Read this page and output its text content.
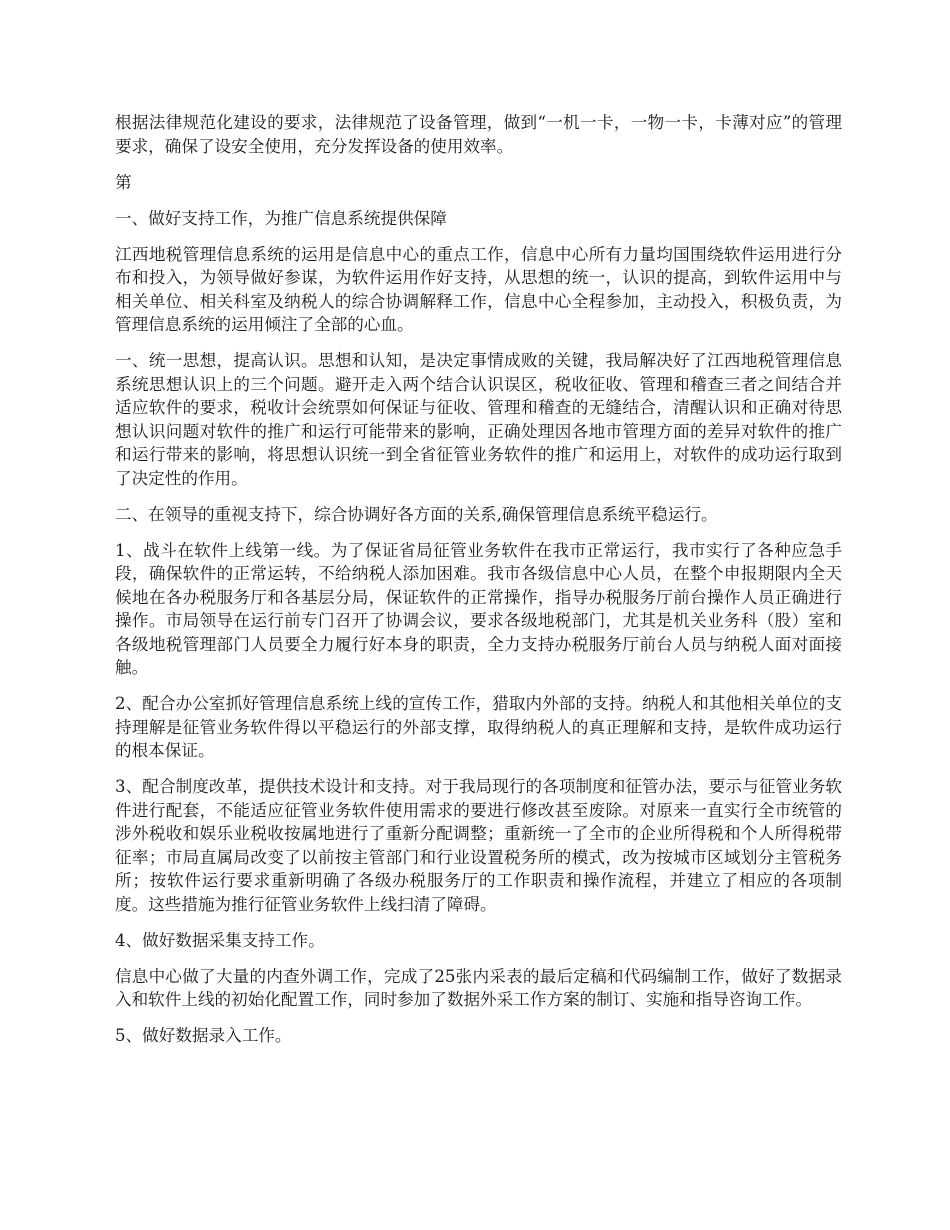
根据法律规范化建设的要求，法律规范了设备管理，做到“一机一卡，一物一卡，卡薄对应”的管理要求，确保了设安全使用，充分发挥设备的使用效率。

第

一、做好支持工作，为推广信息系统提供保障

江西地税管理信息系统的运用是信息中心的重点工作，信息中心所有力量均国围绕软件运用进行分布和投入，为领导做好参谋，为软件运用作好支持，从思想的统一，认识的提高，到软件运用中与相关单位、相关科室及纳税人的综合协调解释工作，信息中心全程参加，主动投入，积极负责，为管理信息系统的运用倾注了全部的心血。

一、统一思想，提高认识。思想和认知，是决定事情成败的关键，我局解决好了江西地税管理信息系统思想认识上的三个问题。避开走入两个结合认识误区，税收征收、管理和稽查三者之间结合并适应软件的要求，税收计会统票如何保证与征收、管理和稽查的无缝结合，清醒认识和正确对待思想认识问题对软件的推广和运行可能带来的影响，正确处理因各地市管理方面的差异对软件的推广和运行带来的影响，将思想认识统一到全省征管业务软件的推广和运用上，对软件的成功运行取到了决定性的作用。

二、在领导的重视支持下，综合协调好各方面的关系,确保管理信息系统平稳运行。

1、战斗在软件上线第一线。为了保证省局征管业务软件在我市正常运行，我市实行了各种应急手段，确保软件的正常运转，不给纳税人添加困难。我市各级信息中心人员，在整个申报期限内全天候地在各办税服务厅和各基层分局，保证软件的正常操作，指导办税服务厅前台操作人员正确进行操作。市局领导在运行前专门召开了协调会议，要求各级地税部门，尤其是机关业务科（股）室和各级地税管理部门人员要全力履行好本身的职责，全力支持办税服务厅前台人员与纳税人面对面接触。

2、配合办公室抓好管理信息系统上线的宣传工作，猎取内外部的支持。纳税人和其他相关单位的支持理解是征管业务软件得以平稳运行的外部支撑，取得纳税人的真正理解和支持，是软件成功运行的根本保证。

3、配合制度改革，提供技术设计和支持。对于我局现行的各项制度和征管办法，要示与征管业务软件进行配套，不能适应征管业务软件使用需求的要进行修改甚至废除。对原来一直实行全市统管的涉外税收和娱乐业税收按属地进行了重新分配调整；重新统一了全市的企业所得税和个人所得税带征率；市局直属局改变了以前按主管部门和行业设置税务所的模式，改为按城市区域划分主管税务所；按软件运行要求重新明确了各级办税服务厅的工作职责和操作流程，并建立了相应的各项制度。这些措施为推行征管业务软件上线扫清了障碍。

4、做好数据采集支持工作。

信息中心做了大量的内查外调工作，完成了25张内采表的最后定稿和代码编制工作，做好了数据录入和软件上线的初始化配置工作，同时参加了数据外采工作方案的制订、实施和指导咨询工作。

5、做好数据录入工作。
